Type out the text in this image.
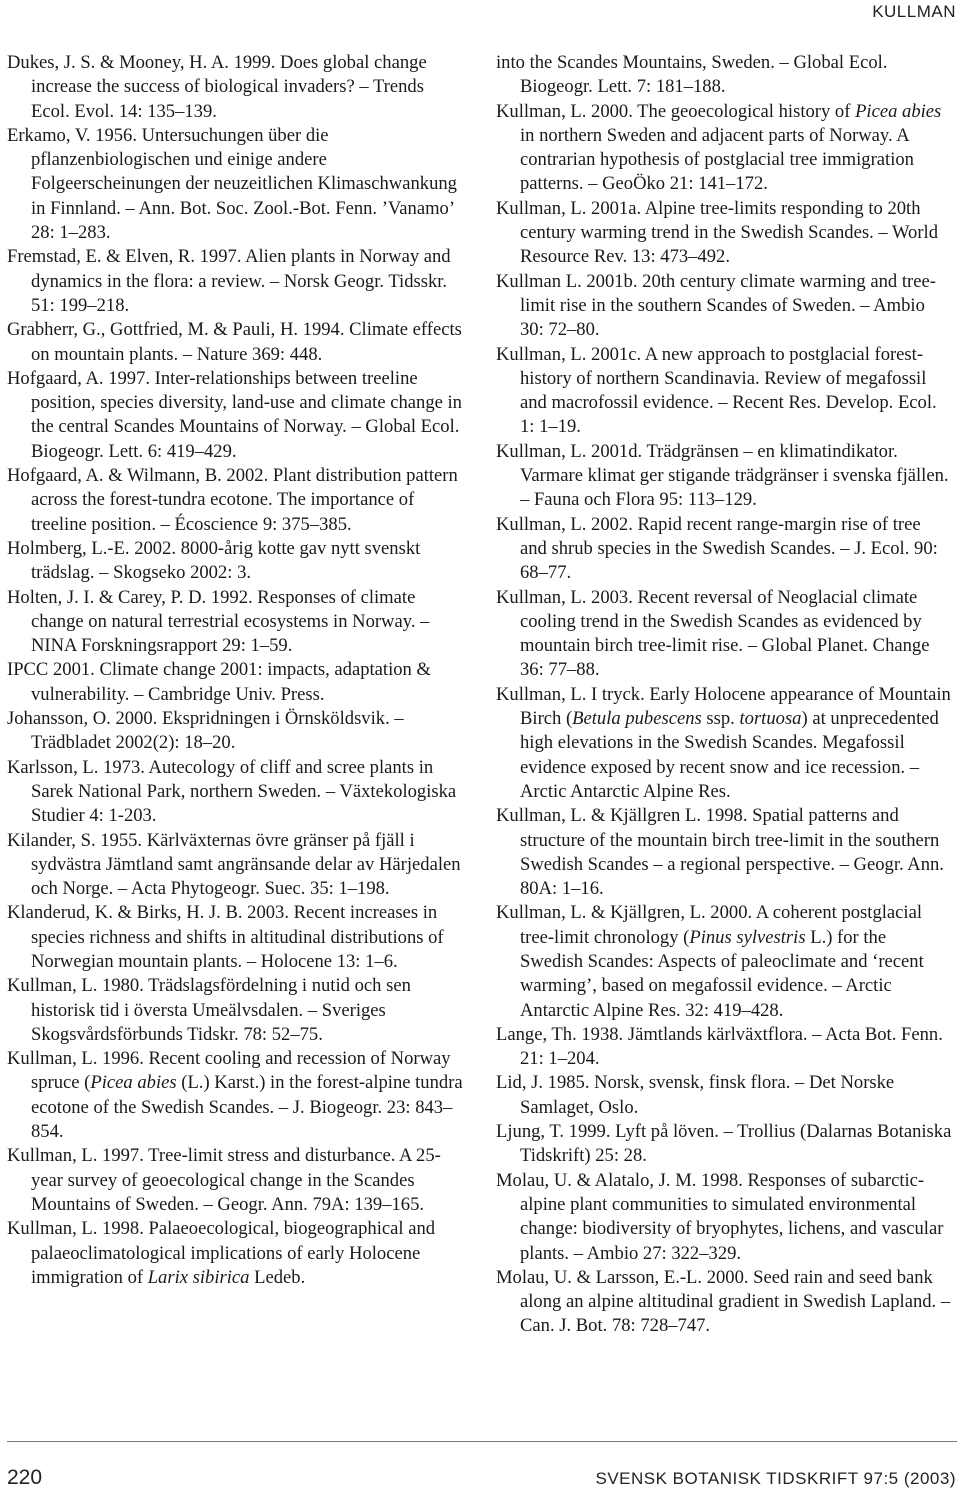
KULLMAN
Dukes, J. S. & Mooney, H. A. 1999. Does global change increase the success of biological invaders? – Trends Ecol. Evol. 14: 135–139.
Erkamo, V. 1956. Untersuchungen über die pflanzenbiologischen und einige andere Folgeerscheinungen der neuzeitlichen Klimaschwankung in Finnland. – Ann. Bot. Soc. Zool.-Bot. Fenn. ’Vanamo’ 28: 1–283.
Fremstad, E. & Elven, R. 1997. Alien plants in Norway and dynamics in the flora: a review. – Norsk Geogr. Tidsskr. 51: 199–218.
Grabherr, G., Gottfried, M. & Pauli, H. 1994. Climate effects on mountain plants. – Nature 369: 448.
Hofgaard, A. 1997. Inter-relationships between treeline position, species diversity, land-use and climate change in the central Scandes Mountains of Norway. – Global Ecol. Biogeogr. Lett. 6: 419–429.
Hofgaard, A. & Wilmann, B. 2002. Plant distribution pattern across the forest-tundra ecotone. The importance of treeline position. – Écoscience 9: 375–385.
Holmberg, L.-E. 2002. 8000-årig kotte gav nytt svenskt trädslag. – Skogseko 2002: 3.
Holten, J. I. & Carey, P. D. 1992. Responses of climate change on natural terrestrial ecosystems in Norway. – NINA Forskningsrapport 29: 1–59.
IPCC 2001. Climate change 2001: impacts, adaptation & vulnerability. – Cambridge Univ. Press.
Johansson, O. 2000. Ekspridningen i Örnsköldsvik. – Trädbladet 2002(2): 18–20.
Karlsson, L. 1973. Autecology of cliff and scree plants in Sarek National Park, northern Sweden. – Växtekologiska Studier 4: 1-203.
Kilander, S. 1955. Kärlväxternas övre gränser på fjäll i sydvästra Jämtland samt angränsande delar av Härjedalen och Norge. – Acta Phytogeogr. Suec. 35: 1–198.
Klanderud, K. & Birks, H. J. B. 2003. Recent increases in species richness and shifts in altitudinal distributions of Norwegian mountain plants. – Holocene 13: 1–6.
Kullman, L. 1980. Trädslagsfördelning i nutid och sen historisk tid i översta Umeälvsdalen. – Sveriges Skogsvårdsförbunds Tidskr. 78: 52–75.
Kullman, L. 1996. Recent cooling and recession of Norway spruce (Picea abies (L.) Karst.) in the forest-alpine tundra ecotone of the Swedish Scandes. – J. Biogeogr. 23: 843–854.
Kullman, L. 1997. Tree-limit stress and disturbance. A 25-year survey of geoecological change in the Scandes Mountains of Sweden. – Geogr. Ann. 79A: 139–165.
Kullman, L. 1998. Palaeoecological, biogeographical and palaeoclimatological implications of early Holocene immigration of Larix sibirica Ledeb.
into the Scandes Mountains, Sweden. – Global Ecol. Biogeogr. Lett. 7: 181–188.
Kullman, L. 2000. The geoecological history of Picea abies in northern Sweden and adjacent parts of Norway. A contrarian hypothesis of postglacial tree immigration patterns. – GeoÖko 21: 141–172.
Kullman, L. 2001a. Alpine tree-limits responding to 20th century warming trend in the Swedish Scandes. – World Resource Rev. 13: 473–492.
Kullman L. 2001b. 20th century climate warming and tree-limit rise in the southern Scandes of Sweden. – Ambio 30: 72–80.
Kullman, L. 2001c. A new approach to postglacial forest-history of northern Scandinavia. Review of megafossil and macrofossil evidence. – Recent Res. Develop. Ecol. 1: 1–19.
Kullman, L. 2001d. Trädgränsen – en klimatindikator. Varmare klimat ger stigande trädgränser i svenska fjällen. – Fauna och Flora 95: 113–129.
Kullman, L. 2002. Rapid recent range-margin rise of tree and shrub species in the Swedish Scandes. – J. Ecol. 90: 68–77.
Kullman, L. 2003. Recent reversal of Neoglacial climate cooling trend in the Swedish Scandes as evidenced by mountain birch tree-limit rise. – Global Planet. Change 36: 77–88.
Kullman, L. I tryck. Early Holocene appearance of Mountain Birch (Betula pubescens ssp. tortuosa) at unprecedented high elevations in the Swedish Scandes. Megafossil evidence exposed by recent snow and ice recession. – Arctic Antarctic Alpine Res.
Kullman, L. & Kjällgren L. 1998. Spatial patterns and structure of the mountain birch tree-limit in the southern Swedish Scandes – a regional perspective. – Geogr. Ann. 80A: 1–16.
Kullman, L. & Kjällgren, L. 2000. A coherent postglacial tree-limit chronology (Pinus sylvestris L.) for the Swedish Scandes: Aspects of paleoclimate and ‘recent warming’, based on megafossil evidence. – Arctic Antarctic Alpine Res. 32: 419–428.
Lange, Th. 1938. Jämtlands kärlväxtflora. – Acta Bot. Fenn. 21: 1–204.
Lid, J. 1985. Norsk, svensk, finsk flora. – Det Norske Samlaget, Oslo.
Ljung, T. 1999. Lyft på löven. – Trollius (Dalarnas Botaniska Tidskrift) 25: 28.
Molau, U. & Alatalo, J. M. 1998. Responses of subarctic-alpine plant communities to simulated environmental change: biodiversity of bryophytes, lichens, and vascular plants. – Ambio 27: 322–329.
Molau, U. & Larsson, E.-L. 2000. Seed rain and seed bank along an alpine altitudinal gradient in Swedish Lapland. – Can. J. Bot. 78: 728–747.
220	SVENSK BOTANISK TIDSKRIFT 97:5 (2003)
